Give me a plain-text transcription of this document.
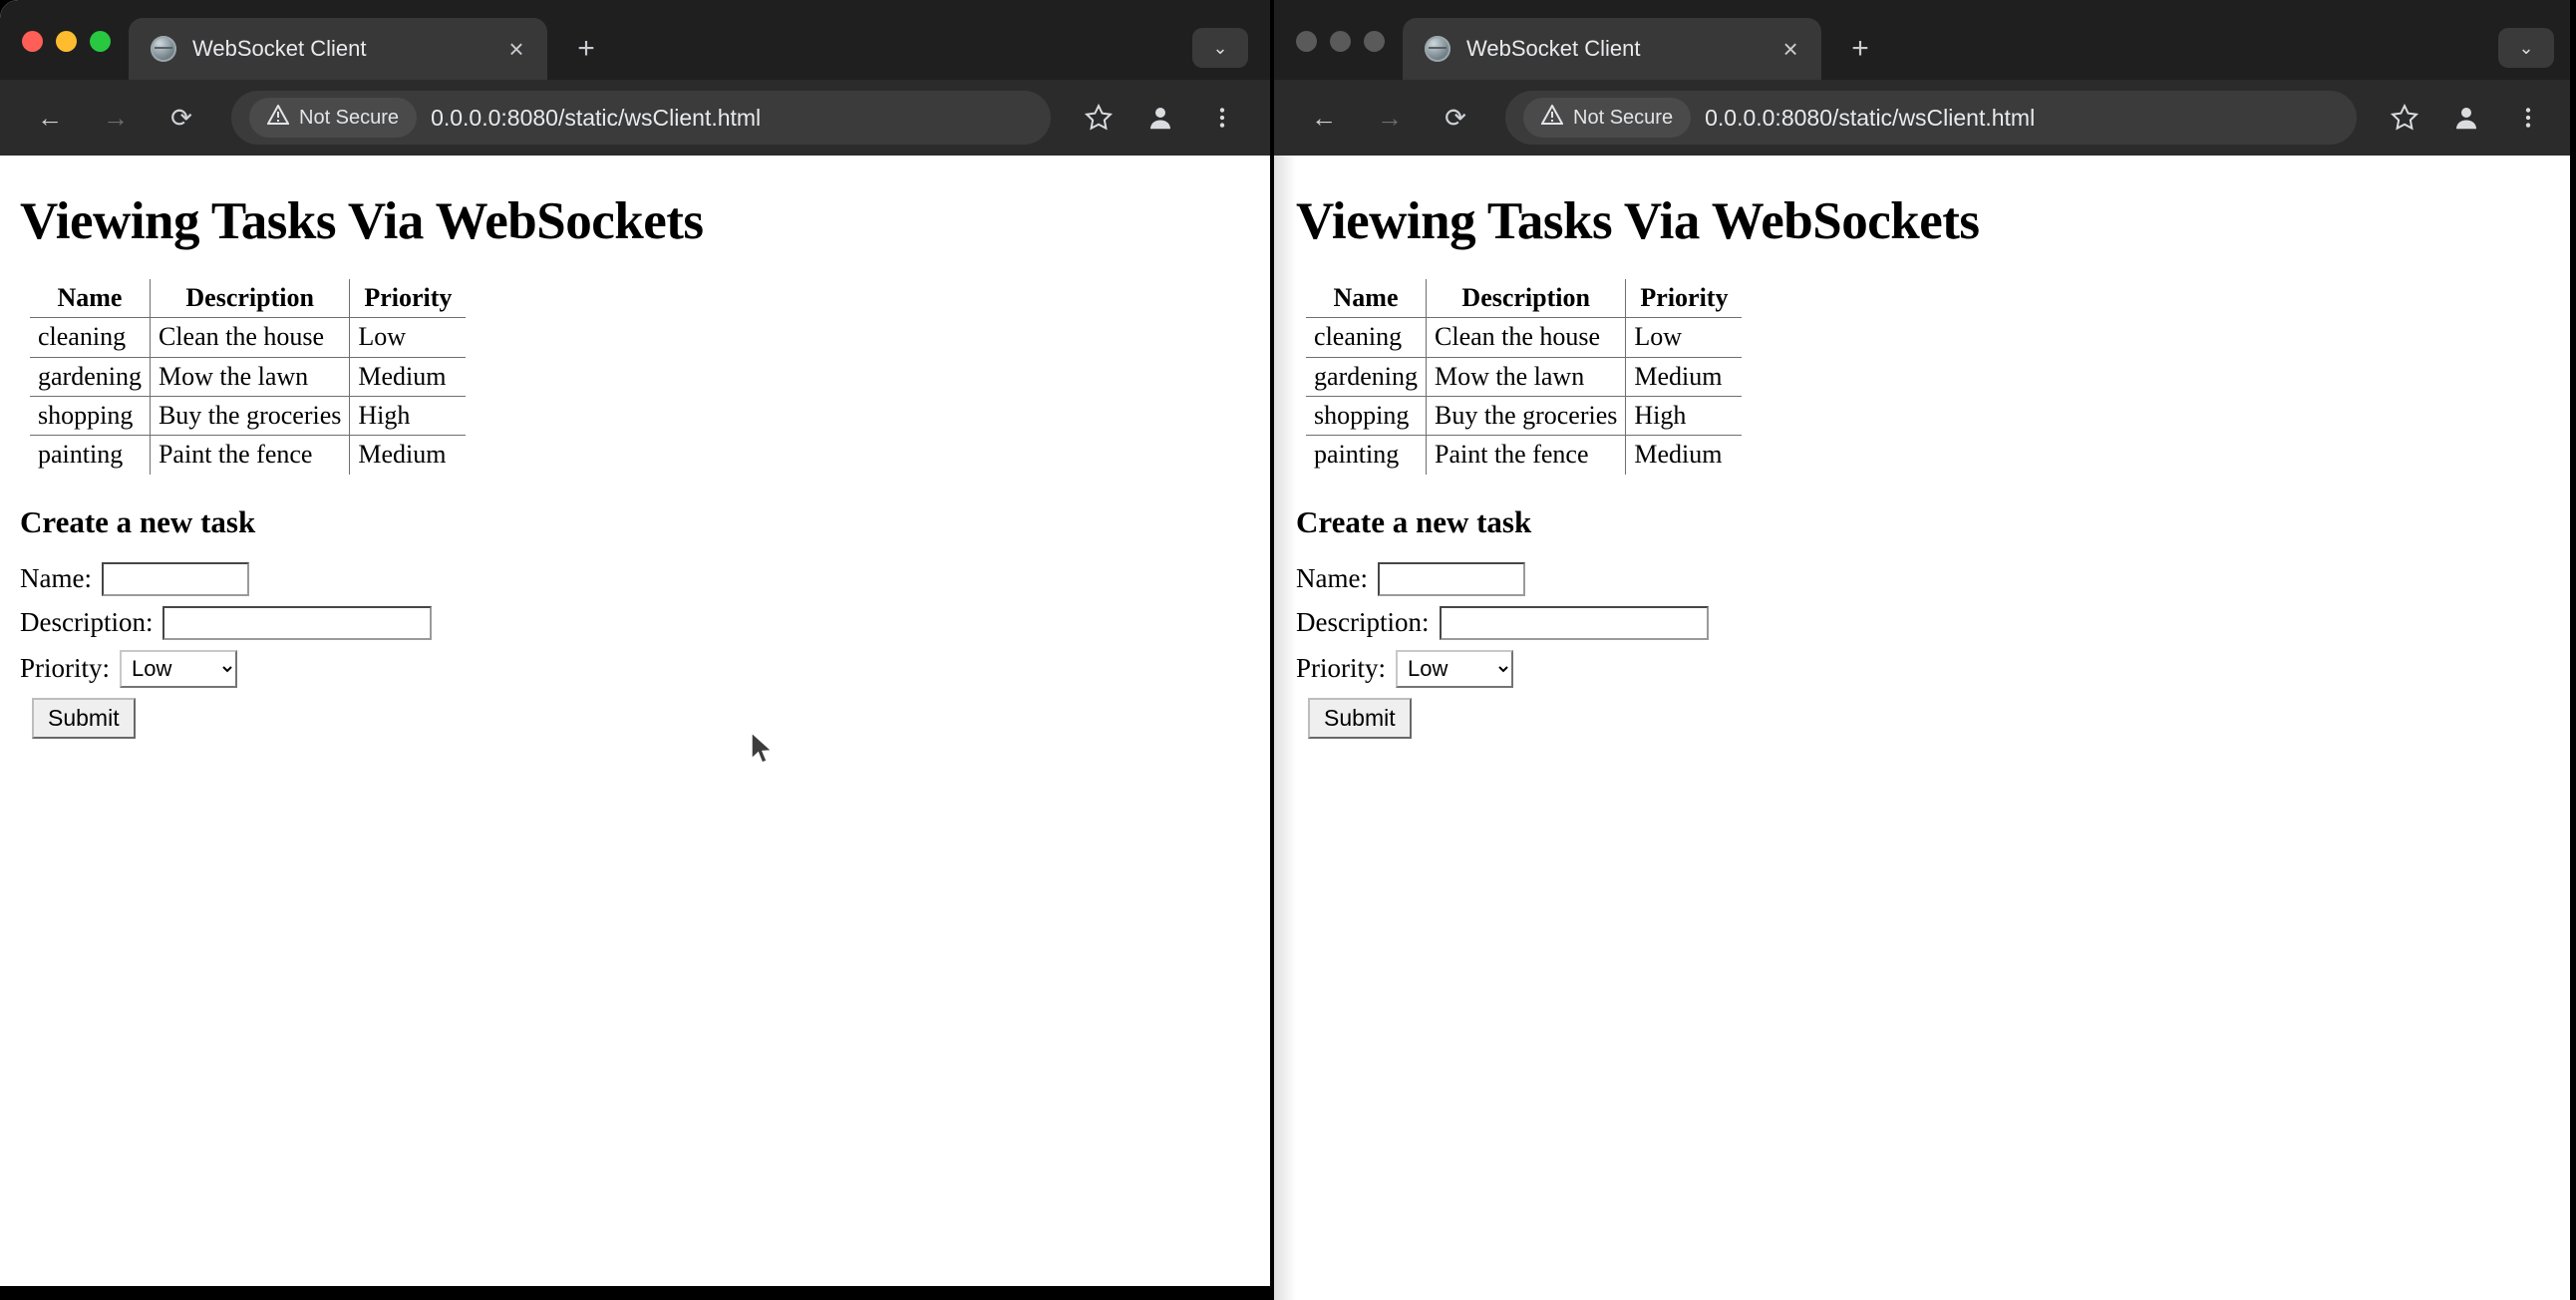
WebSocket Client	×	+	⌄
←	→	⟳	Not Secure 0.0.0.0:8080/static/wsClient.html
Viewing Tasks Via WebSockets
Name	Description	Priority
cleaning	Clean the house	Low
gardening	Mow the lawn	Medium
shopping	Buy the groceries	High
painting	Paint the fence	Medium
Create a new task
Name:
Description:
Priority:
Low
Submit
WebSocket Client	×	+	⌄
←	→	⟳	Not Secure 0.0.0.0:8080/static/wsClient.html
Viewing Tasks Via WebSockets
Name	Description	Priority
cleaning	Clean the house	Low
gardening	Mow the lawn	Medium
shopping	Buy the groceries	High
painting	Paint the fence	Medium
Create a new task
Name:
Description:
Priority:
Low
Submit
